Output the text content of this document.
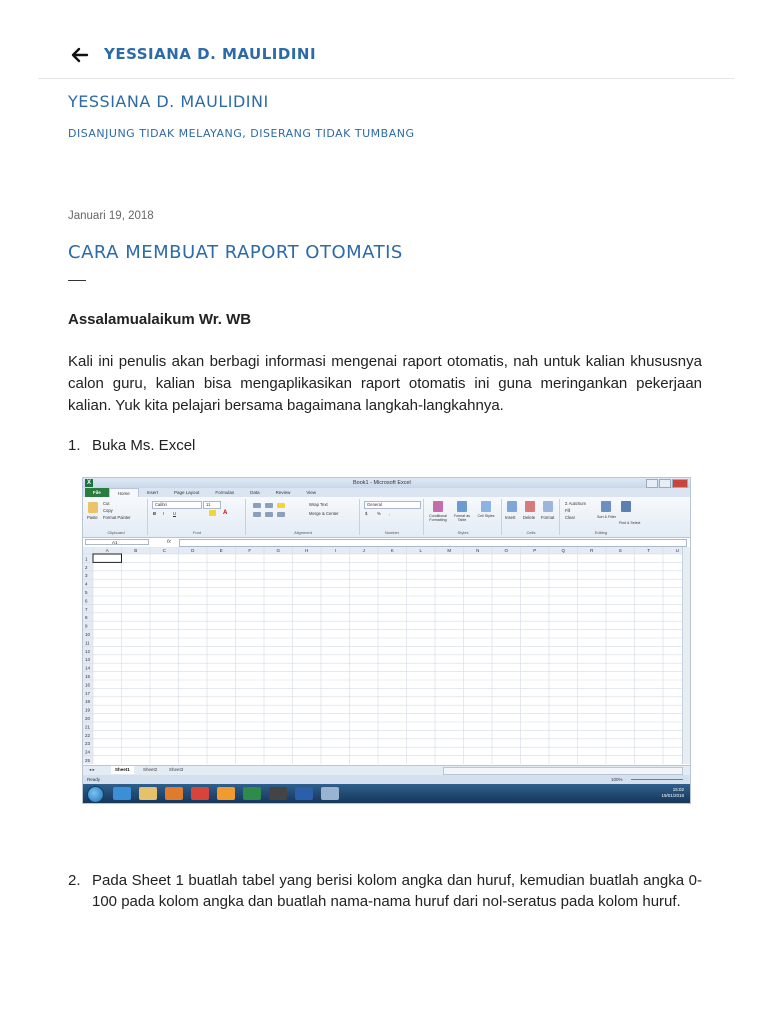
YESSIANA D. MAULIDINI
YESSIANA D. MAULIDINI
DISANJUNG TIDAK MELAYANG, DISERANG TIDAK TUMBANG
Januari 19, 2018
CARA MEMBUAT RAPORT OTOMATIS
Assalamualaikum Wr. WB
Kali ini penulis akan berbagi informasi mengenai raport otomatis, nah untuk kalian khususnya calon guru, kalian bisa mengaplikasikan raport otomatis ini guna meringankan pekerjaan kalian. Yuk kita pelajari bersama bagaimana langkah-langkahnya.
1. Buka Ms. Excel
X	Book1 - Microsoft Excel
File	Home	Insert	Page Layout	Formulas	Data	Review	View
Paste
Cut
Copy
Format Painter
Clipboard
Calibri	11
B I U	A
Font
Wrap Text
Merge & Center
Alignment
General
$ % ,
Number
Conditional Formatting
Format as Table
Cell Styles
Styles
Insert Delete Format
Cells
Σ AutoSum
Fill
Clear	Sort & Filter
Find & Select
Editing
A1	fx
A	B	C	D	E	F	G	H	I	J	K	L	M	N	O	P	Q	R	S	T	U
1
2
3
4
5
6
7
8
9
10
11
12
13
14
15
16
17
18
19
20
21
22
23
24
25
◂ ▸	Sheet1	Sheet2	Sheet3
Ready	100%
15:02
19/01/2018
2. Pada Sheet 1 buatlah tabel yang berisi kolom angka dan huruf, kemudian buatlah angka 0-100 pada kolom angka dan buatlah nama-nama huruf dari nol-seratus pada kolom huruf.
